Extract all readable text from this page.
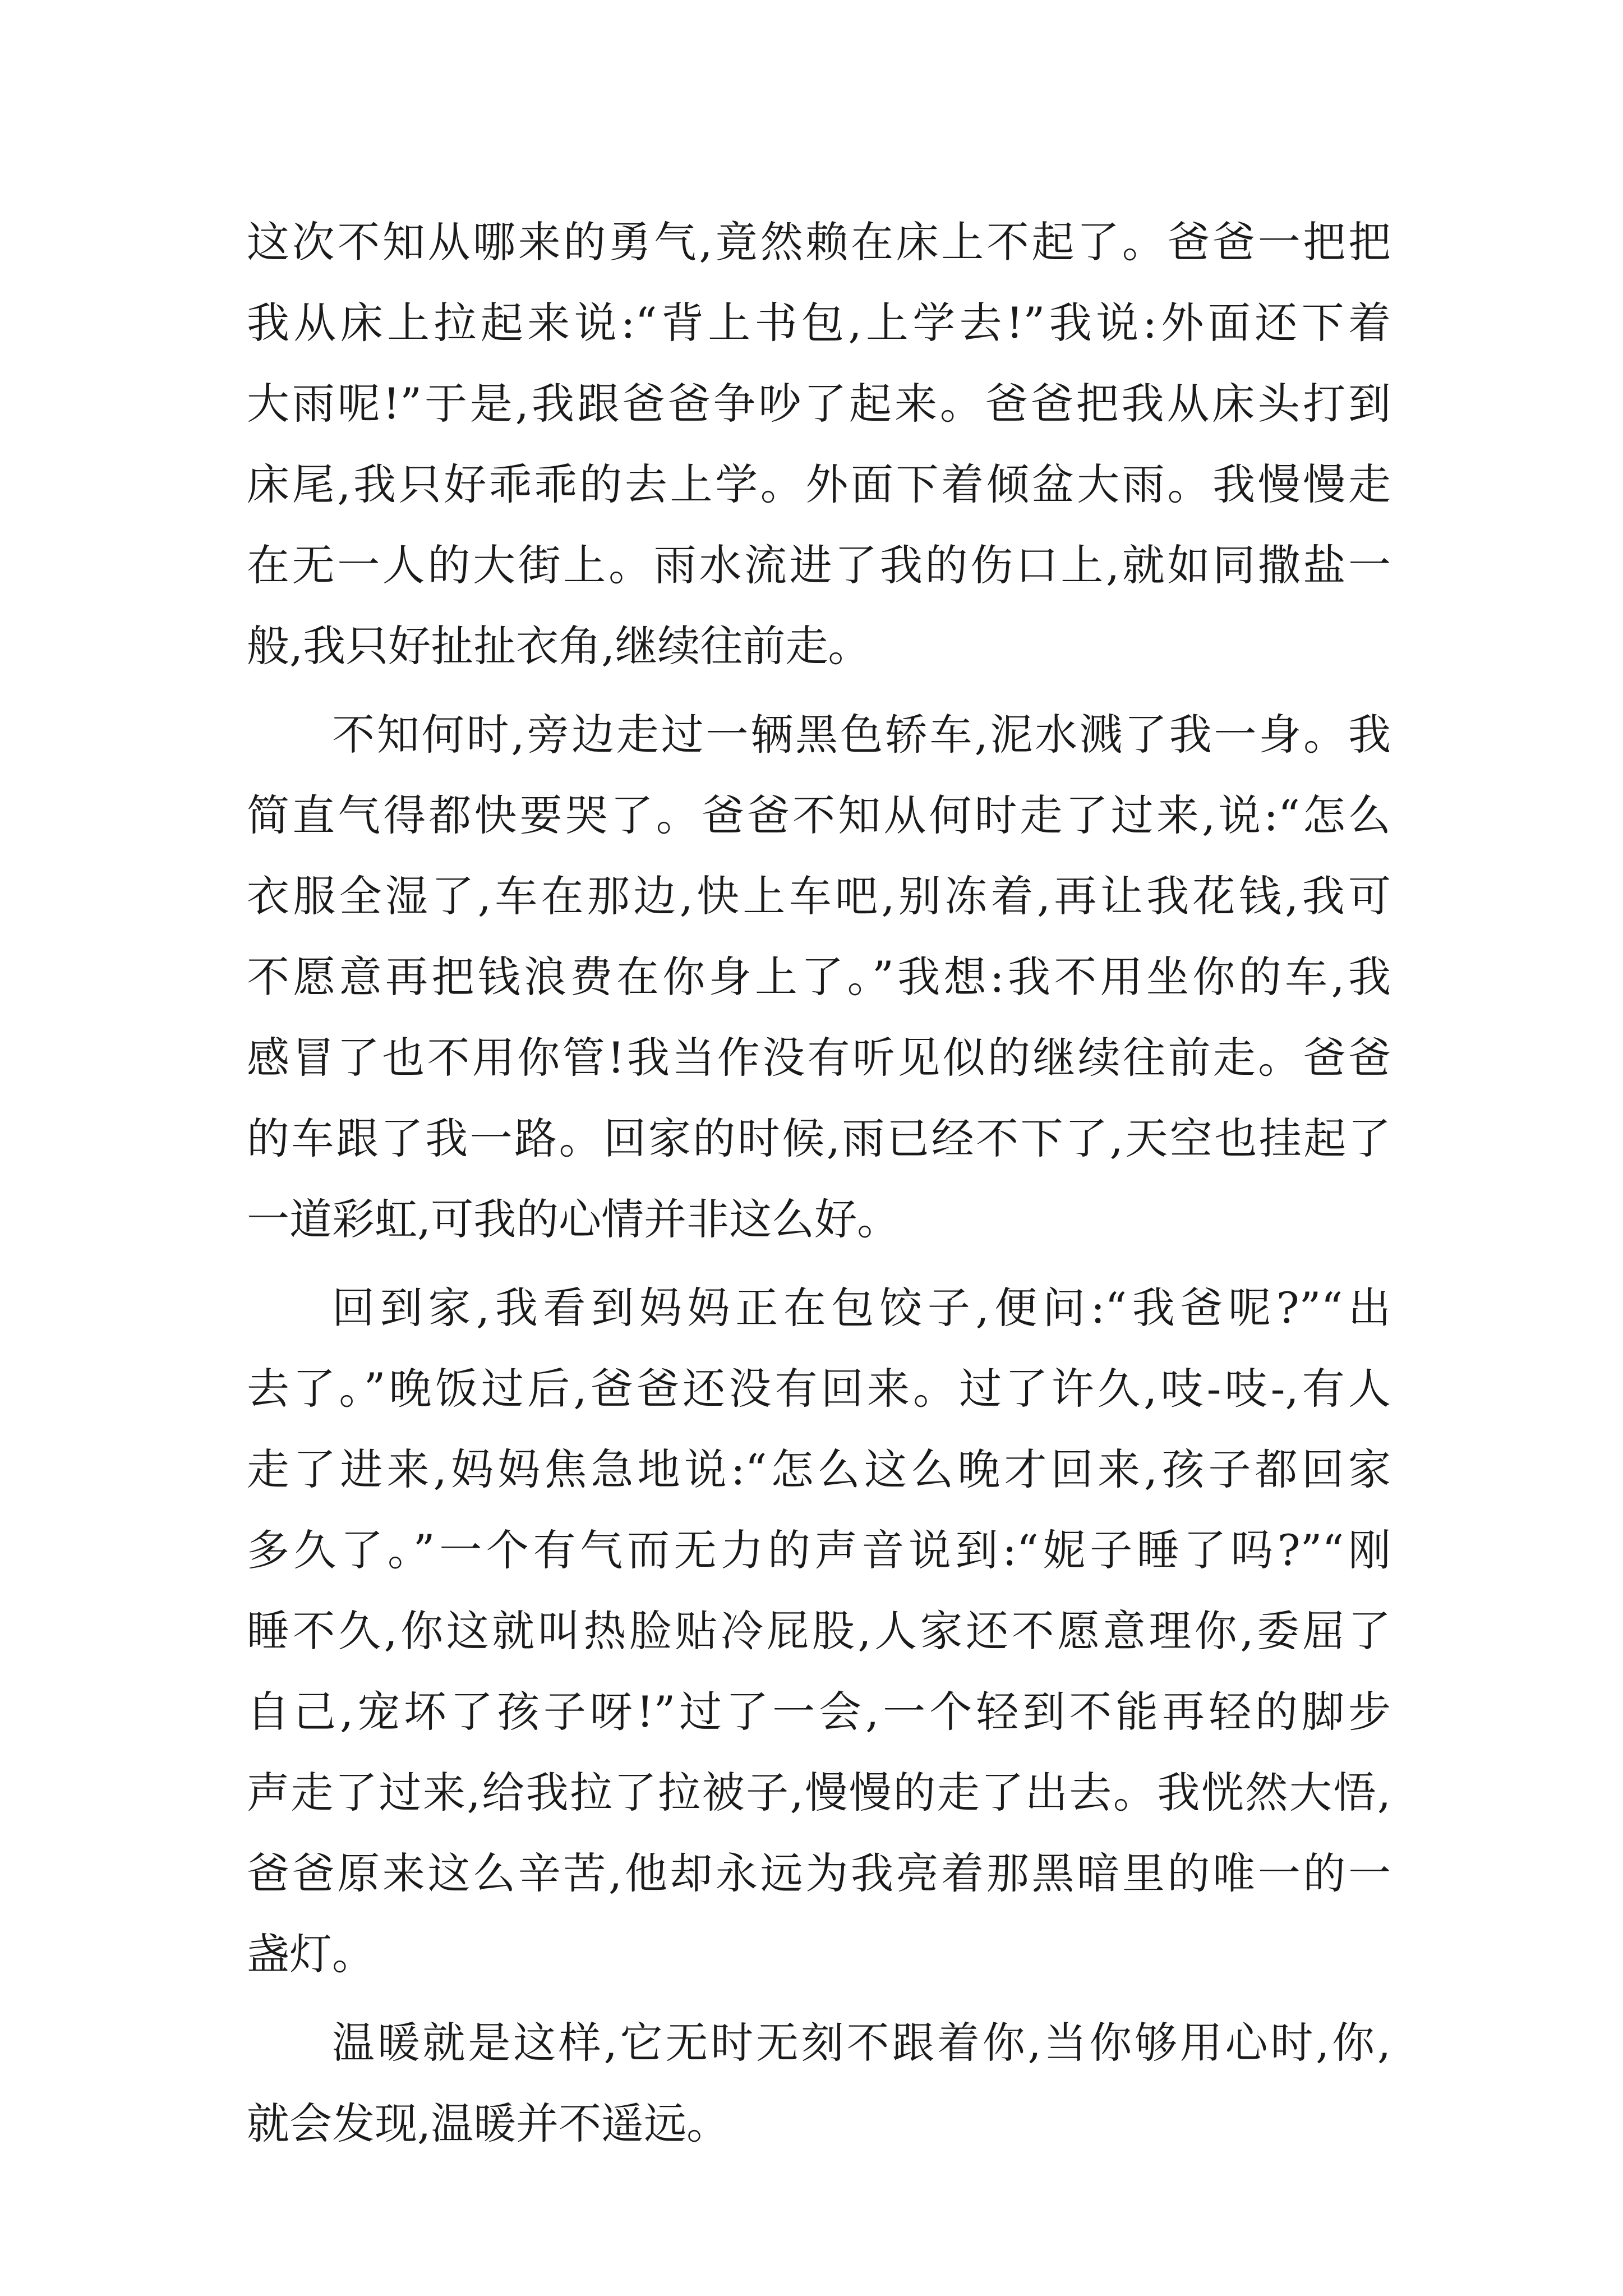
这次不知从哪来的勇气,竟然赖在床上不起了。爸爸一把把
我从床上拉起来说:“背上书包,上学去!”我说:外面还下着
大雨呢!”于是,我跟爸爸争吵了起来。爸爸把我从床头打到
床尾,我只好乖乖的去上学。外面下着倾盆大雨。我慢慢走
在无一人的大街上。雨水流进了我的伤口上,就如同撒盐一
般,我只好扯扯衣角,继续往前走。
不知何时,旁边走过一辆黑色轿车,泥水溅了我一身。我
简直气得都快要哭了。爸爸不知从何时走了过来,说:“怎么
衣服全湿了,车在那边,快上车吧,别冻着,再让我花钱,我可
不愿意再把钱浪费在你身上了。”我想:我不用坐你的车,我
感冒了也不用你管!我当作没有听见似的继续往前走。爸爸
的车跟了我一路。回家的时候,雨已经不下了,天空也挂起了
一道彩虹,可我的心情并非这么好。
回到家,我看到妈妈正在包饺子,便问:“我爸呢?”“出
去了。”晚饭过后,爸爸还没有回来。过了许久,吱-吱-,有人
走了进来,妈妈焦急地说:“怎么这么晚才回来,孩子都回家
多久了。”一个有气而无力的声音说到:“妮子睡了吗?”“刚
睡不久,你这就叫热脸贴冷屁股,人家还不愿意理你,委屈了
自己,宠坏了孩子呀!”过了一会,一个轻到不能再轻的脚步
声走了过来,给我拉了拉被子,慢慢的走了出去。我恍然大悟,
爸爸原来这么辛苦,他却永远为我亮着那黑暗里的唯一的一
盏灯。
温暖就是这样,它无时无刻不跟着你,当你够用心时,你,
就会发现,温暖并不遥远。
